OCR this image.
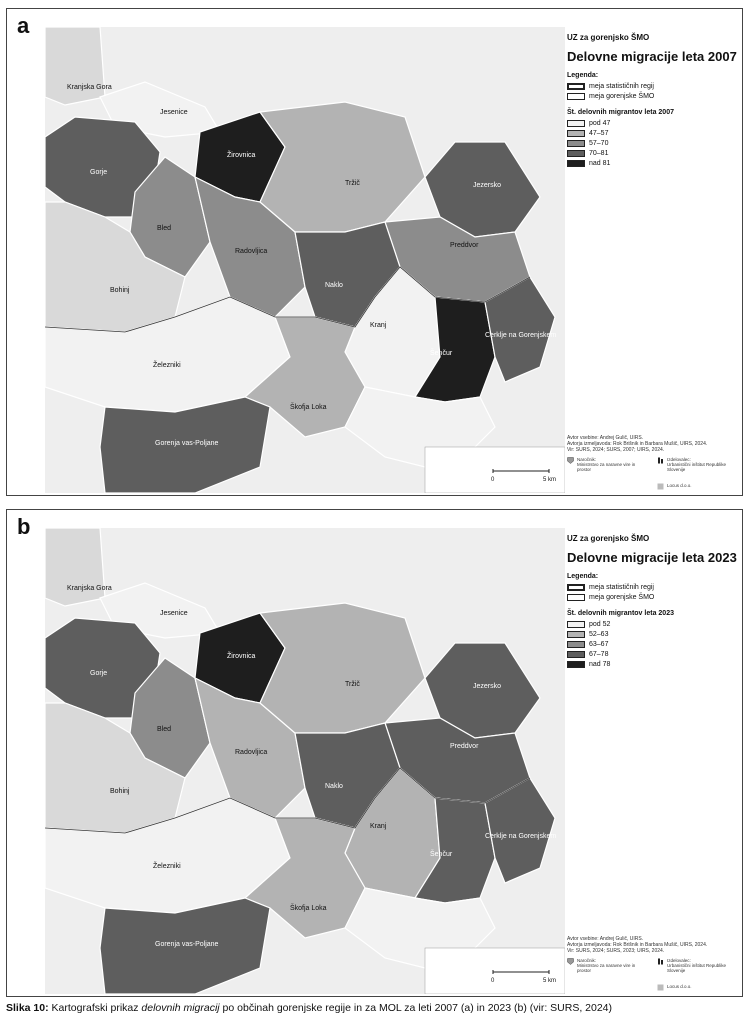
a
Kranjska Gora
Jesenice
Žirovnica
Gorje
Bled
Radovljica
Tržič	Jezersko
Preddvor
Naklo
Kranj
Šenčur
Cerklje na Gorenjskem
Bohinj
Železniki
Škofja Loka
Gorenja vas-Poljane
UZ za gorenjsko ŠMO
Delovne migracije leta 2007
Legenda:
meja statističnih regij
meja gorenjske ŠMO
Št. delovnih migrantov leta 2007
pod 47
47–57
57–70
70–81
nad 81
Avtor vsebine: Andrej Gulič, UIRS.
Avtorja izmeljavoda: Rok Brišnik in Barbara Mušič, UIRS, 2024.
Vir: SURS, 2024; SURS, 2007; UIRS, 2024.
Naročnik:
Ministrstvo za naravne vire in prostor
Izdelovalec:
Urbanistični inštitut Republike Slovenije
Locus d.o.o.
0	5 km
b
Kranjska Gora
Jesenice
Žirovnica
Gorje
Bled
Radovljica
Tržič	Jezersko
Preddvor
Naklo
Kranj
Šenčur
Cerklje na Gorenjskem
Bohinj
Železniki
Škofja Loka
Gorenja vas-Poljane
UZ za gorenjsko ŠMO
Delovne migracije leta 2023
Legenda:
meja statističnih regij
meja gorenjske ŠMO
Št. delovnih migrantov leta 2023
pod 52
52–63
63–67
67–78
nad 78
Avtor vsebine: Andrej Gulič, UIRS.
Avtorja izmeljavoda: Rok Brišnik in Barbara Mušič, UIRS, 2024.
Vir: SURS, 2024; SURS, 2023; UIRS, 2024.
Naročnik:
Ministrstvo za naravne vire in prostor
Izdelovalec:
Urbanistični inštitut Republike Slovenije
Locus d.o.o.
0	5 km
Slika 10: Kartografski prikaz delovnih migracij po občinah gorenjske regije in za MOL za leti 2007 (a) in 2023 (b) (vir: SURS, 2024)
